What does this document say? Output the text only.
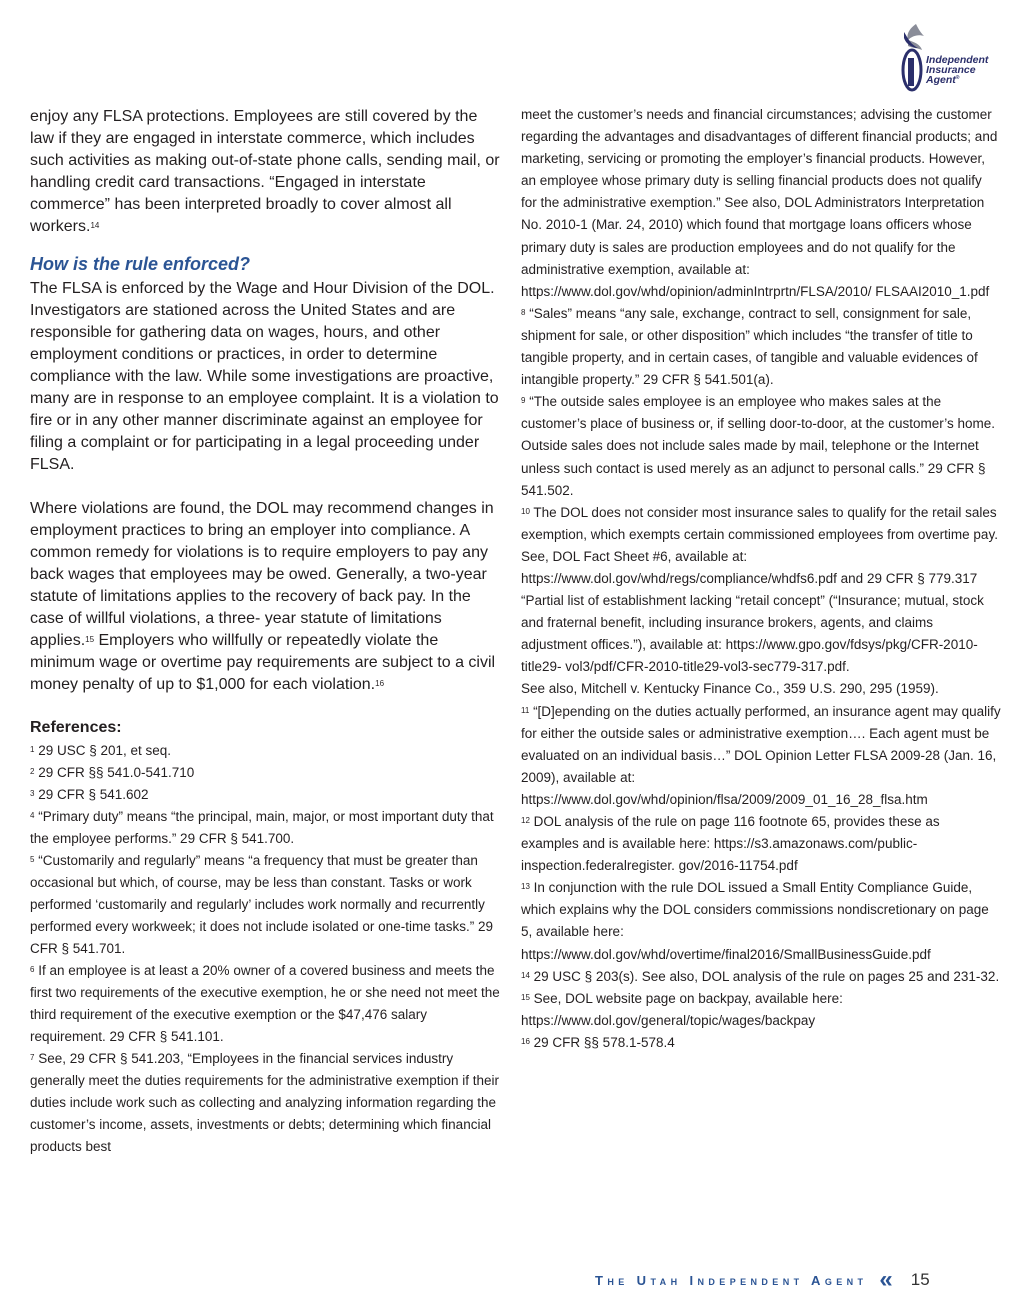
Independent
Insurance
Agent®

enjoy any FLSA protections. Employees are still covered by the law if they are engaged in interstate commerce, which includes such activities as making out-of-state phone calls, sending mail, or handling credit card transactions. “Engaged in interstate commerce” has been interpreted broadly to cover almost all workers.$^{14}$

How is the rule enforced?

The FLSA is enforced by the Wage and Hour Division of the DOL. Investigators are stationed across the United States and are responsible for gathering data on wages, hours, and other employment conditions or practices, in order to determine compliance with the law. While some investigations are proactive, many are in response to an employee complaint. It is a violation to fire or in any other manner discriminate against an employee for filing a complaint or for participating in a legal proceeding under FLSA.

Where violations are found, the DOL may recommend changes in employment practices to bring an employer into compliance. A common remedy for violations is to require employers to pay any back wages that employees may be owed. Generally, a two-year statute of limitations applies to the recovery of back pay. In the case of willful violations, a three- year statute of limitations applies.$^{15}$ Employers who willfully or repeatedly violate the minimum wage or overtime pay requirements are subject to a civil money penalty of up to $1,000 for each violation.$^{16}$

References:

$^1$ 29 USC § 201, et seq.

$^2$ 29 CFR §§ 541.0-541.710

$^3$ 29 CFR § 541.602

$^4$ “Primary duty” means “the principal, main, major, or most important duty that the employee performs.” 29 CFR § 541.700.

$^5$ “Customarily and regularly” means “a frequency that must be greater than occasional but which, of course, may be less than constant. Tasks or work performed ‘customarily and regularly’ includes work normally and recurrently performed every workweek; it does not include isolated or one-time tasks.” 29 CFR § 541.701.

$^6$ If an employee is at least a 20% owner of a covered business and meets the first two requirements of the executive exemption, he or she need not meet the third requirement of the executive exemption or the $47,476 salary requirement. 29 CFR § 541.101.

$^7$ See, 29 CFR § 541.203, “Employees in the financial services industry generally meet the duties requirements for the administrative exemption if their duties include work such as collecting and analyzing information regarding the customer’s income, assets, investments or debts; determining which financial products best

meet the customer’s needs and financial circumstances; advising the customer regarding the advantages and disadvantages of different financial products; and marketing, servicing or promoting the employer’s financial products. However, an employee whose primary duty is selling financial products does not qualify for the administrative exemption.” See also, DOL Administrators Interpretation No. 2010-1 (Mar. 24, 2010) which found that mortgage loans officers whose primary duty is sales are production employees and do not qualify for the administrative exemption, available at:
https://www.dol.gov/whd/opinion/adminIntrprtn/FLSA/2010/ FLSAAI2010_1.pdf

$^8$ “Sales” means “any sale, exchange, contract to sell, consignment for sale, shipment for sale, or other disposition” which includes “the transfer of title to tangible property, and in certain cases, of tangible and valuable evidences of intangible property.” 29 CFR § 541.501(a).

$^9$ “The outside sales employee is an employee who makes sales at the customer’s place of business or, if selling door-to-door, at the customer’s home. Outside sales does not include sales made by mail, telephone or the Internet unless such contact is used merely as an adjunct to personal calls.” 29 CFR § 541.502.

$^{10}$ The DOL does not consider most insurance sales to qualify for the retail sales exemption, which exempts certain commissioned employees from overtime pay. See, DOL Fact Sheet #6, available at: https://www.dol.gov/whd/regs/compliance/whdfs6.pdf and 29 CFR § 779.317 “Partial list of establishment lacking “retail concept” (“Insurance; mutual, stock and fraternal benefit, including insurance brokers, agents, and claims adjustment offices.”), available at: https://www.gpo.gov/fdsys/pkg/CFR-2010-title29- vol3/pdf/CFR-2010-title29-vol3-sec779-317.pdf.
See also, Mitchell v. Kentucky Finance Co., 359 U.S. 290, 295 (1959).

$^{11}$ “[D]epending on the duties actually performed, an insurance agent may qualify for either the outside sales or administrative exemption…. Each agent must be evaluated on an individual basis…” DOL Opinion Letter FLSA 2009-28 (Jan. 16, 2009), available at:
https://www.dol.gov/whd/opinion/flsa/2009/2009_01_16_28_flsa.htm

$^{12}$ DOL analysis of the rule on page 116 footnote 65, provides these as examples and is available here: https://s3.amazonaws.com/public-inspection.federalregister. gov/2016-11754.pdf

$^{13}$ In conjunction with the rule DOL issued a Small Entity Compliance Guide, which explains why the DOL considers commissions nondiscretionary on page 5, available here:
https://www.dol.gov/whd/overtime/final2016/SmallBusinessGuide.pdf

$^{14}$ 29 USC § 203(s). See also, DOL analysis of the rule on pages 25 and 231-32.

$^{15}$ See, DOL website page on backpay, available here: https://www.dol.gov/general/topic/wages/backpay

$^{16}$ 29 CFR §§ 578.1-578.4

The Utah Independent Agent « 15
